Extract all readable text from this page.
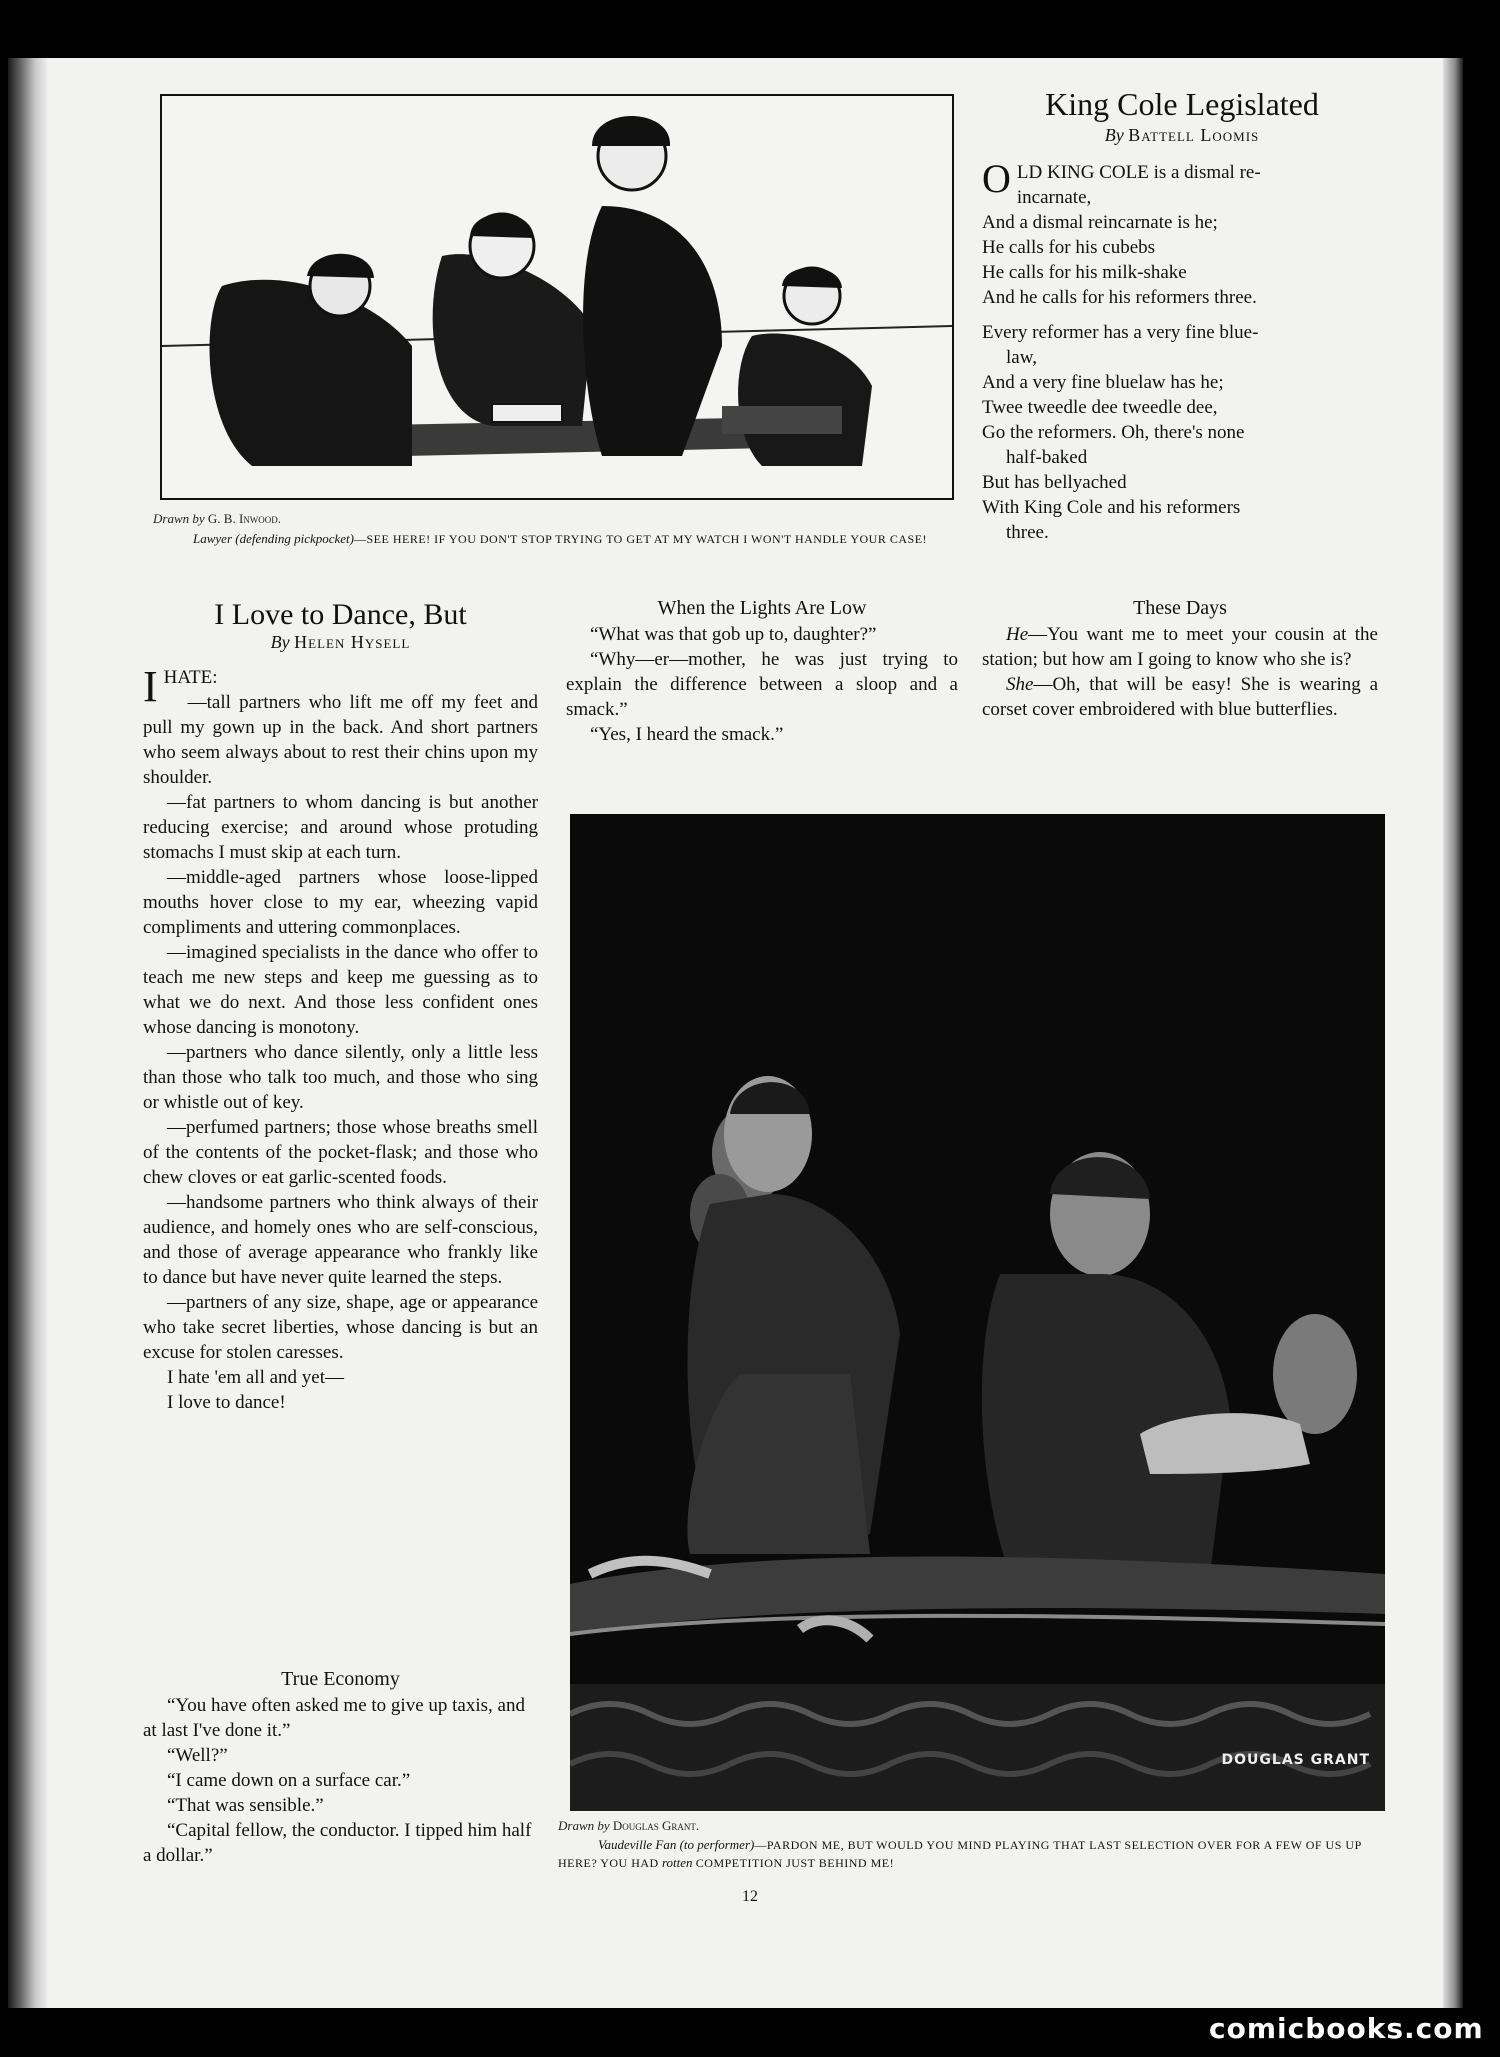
Drawn by G. B. Inwood.
Lawyer (defending pickpocket)—SEE HERE! IF YOU DON'T STOP TRYING TO GET AT MY WATCH I WON'T HANDLE YOUR CASE!
King Cole Legislated
By Battell Loomis
O LD KING COLE is a dismal re-
incarnate,
And a dismal reincarnate is he;
He calls for his cubebs
He calls for his milk-shake
And he calls for his reformers three.
Every reformer has a very fine blue-
law,
And a very fine bluelaw has he;
Twee tweedle dee tweedle dee,
Go the reformers. Oh, there's none
half-baked
But has bellyached
With King Cole and his reformers
three.
I Love to Dance, But
By Helen Hysell

IHATE:

—tall partners who lift me off my feet and pull my gown up in the back. And short partners who seem always about to rest their chins upon my shoulder.

—fat partners to whom dancing is but another reducing exercise; and around whose protuding stomachs I must skip at each turn.

—middle-aged partners whose loose-lipped mouths hover close to my ear, wheezing vapid compliments and uttering commonplaces.

—imagined specialists in the dance who offer to teach me new steps and keep me guessing as to what we do next. And those less confident ones whose dancing is monotony.

—partners who dance silently, only a little less than those who talk too much, and those who sing or whistle out of key.

—perfumed partners; those whose breaths smell of the contents of the pocket-flask; and those who chew cloves or eat garlic-scented foods.

—handsome partners who think always of their audience, and homely ones who are self-conscious, and those of average appearance who frankly like to dance but have never quite learned the steps.

—partners of any size, shape, age or appearance who take secret liberties, whose dancing is but an excuse for stolen caresses.

I hate 'em all and yet—

I love to dance!

True Economy

“You have often asked me to give up taxis, and at last I've done it.”

“Well?”

“I came down on a surface car.”

“That was sensible.”

“Capital fellow, the conductor. I tipped him half a dollar.”

When the Lights Are Low

“What was that gob up to, daughter?”

“Why—er—mother, he was just trying to explain the difference between a sloop and a smack.”

“Yes, I heard the smack.”

These Days

He—You want me to meet your cousin at the station; but how am I going to know who she is?

She—Oh, that will be easy! She is wearing a corset cover embroidered with blue butterflies.

DOUGLAS GRANT
Drawn by Douglas Grant.
Vaudeville Fan (to performer)—PARDON ME, BUT WOULD YOU MIND PLAYING THAT LAST SELECTION OVER FOR A FEW OF US UP HERE? YOU HAD rotten COMPETITION JUST BEHIND ME!
12
comicbooks.com
